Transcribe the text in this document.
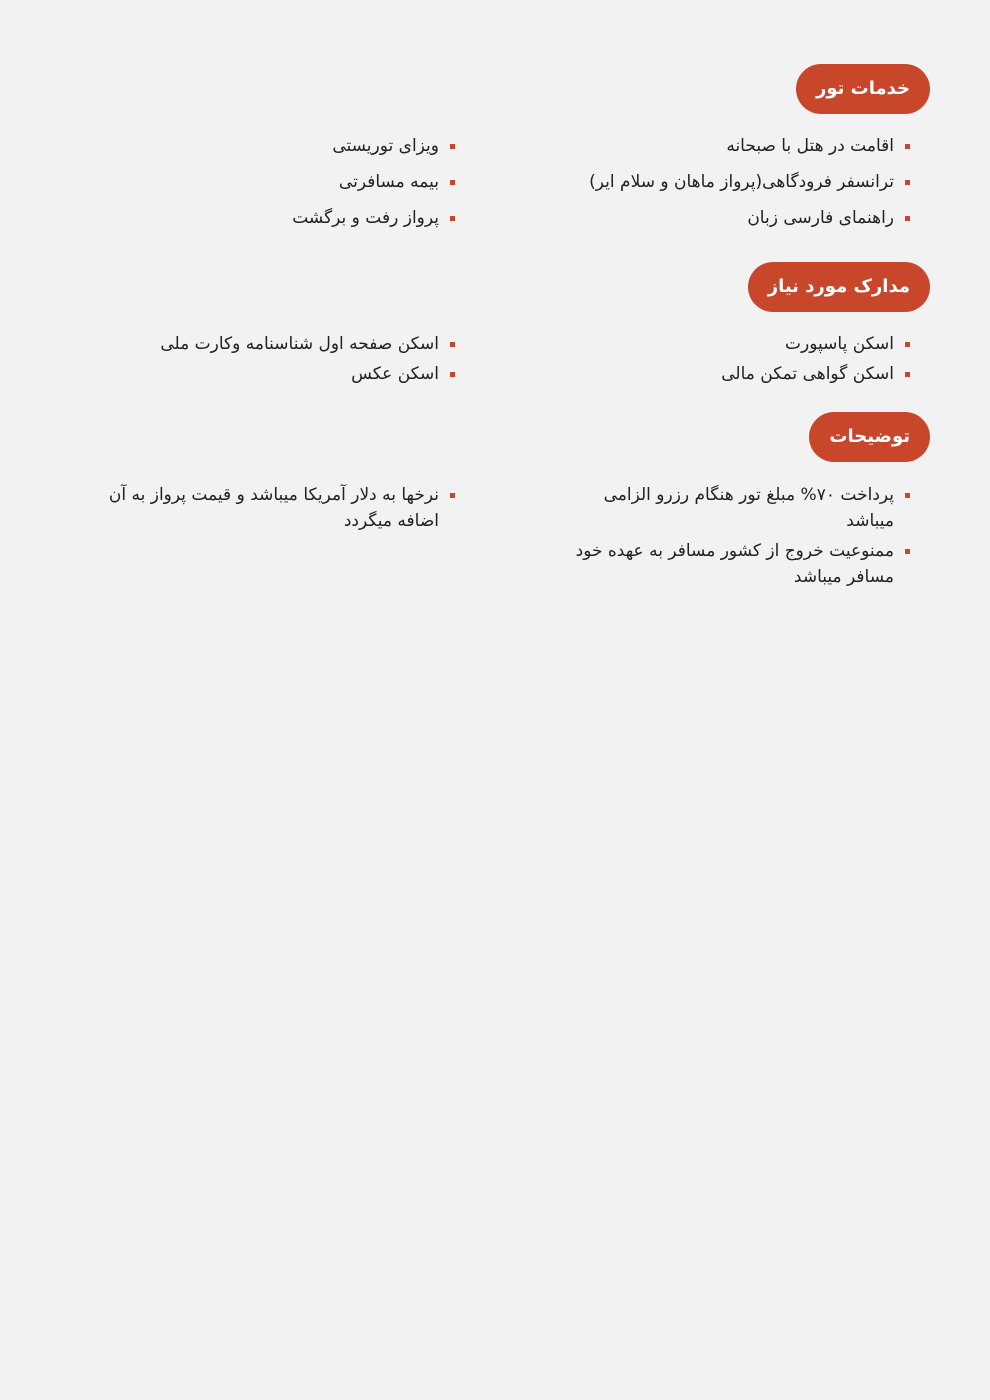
خدمات تور
اقامت در هتل با صبحانه
ترانسفر فرودگاهی(پرواز ماهان و سلام ایر)
راهنمای فارسی زبان
ویزای توریستی
بیمه مسافرتی
پرواز رفت و برگشت
مدارک مورد نیاز
اسکن پاسپورت
اسکن گواهی تمکن مالی
اسکن صفحه اول شناسنامه وکارت ملی
اسکن عکس
توضیحات
پرداخت ۷۰% مبلغ تور هنگام رزرو الزامی میباشد
ممنوعیت خروج از کشور مسافر به عهده خود مسافر میباشد
نرخها به دلار آمریکا میباشد و قیمت پرواز به آن اضافه میگردد
